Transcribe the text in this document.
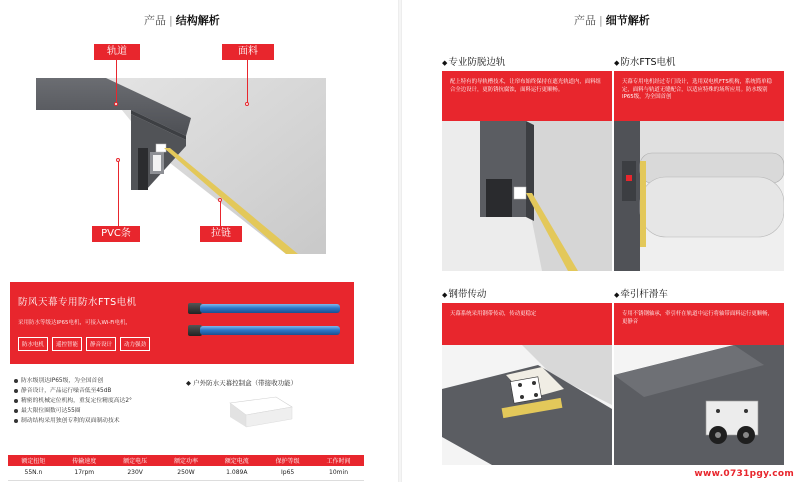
产品 | 结构解析
轨道	面料
PVC条	拉链
防风天幕专用防水FTS电机
采用防水等级达IP65电机，可接入Wi-Fi电机，
防水电机	遥控智能	静音设计	动力强劲
防水级别达IP65级，为全国首创
静音设计，产品运行噪音低至45dB
精密的机械定位机构，重复定位精度高达2°
最大限位圈数可达55圈
制动结构采用独创专利的双面制动技术
◆ 户外防水天幕控制盒（带接收功能）
额定扭矩	传输速度	额定电压	额定功率	额定电流	保护等级	工作时间
55N.n	17rpm	230V	250W	1.089A	Ip65	10min
产品 | 细节解析
◆专业防脱边轨
配上特有的导轨槽技术，让帘布始终保持在遮光轨道内，面料组合全边设计，更防锈抗腐蚀，面料运行更顺畅。
◆防水FTS电机
天幕专用电机经过专门设计，选用双电机FTS机构，系统简单稳定，面料与轨道无缝配合，以适应特殊的场所应用。防水级别IP65级，为全国首创
◆钢带传动
天幕系统采用钢带传动，传动更稳定
◆牵引杆滑车
专用不锈钢轴承，牵引杆在轨道中运行将轴带面料运行更顺畅，更静音
www.0731pgy.com
